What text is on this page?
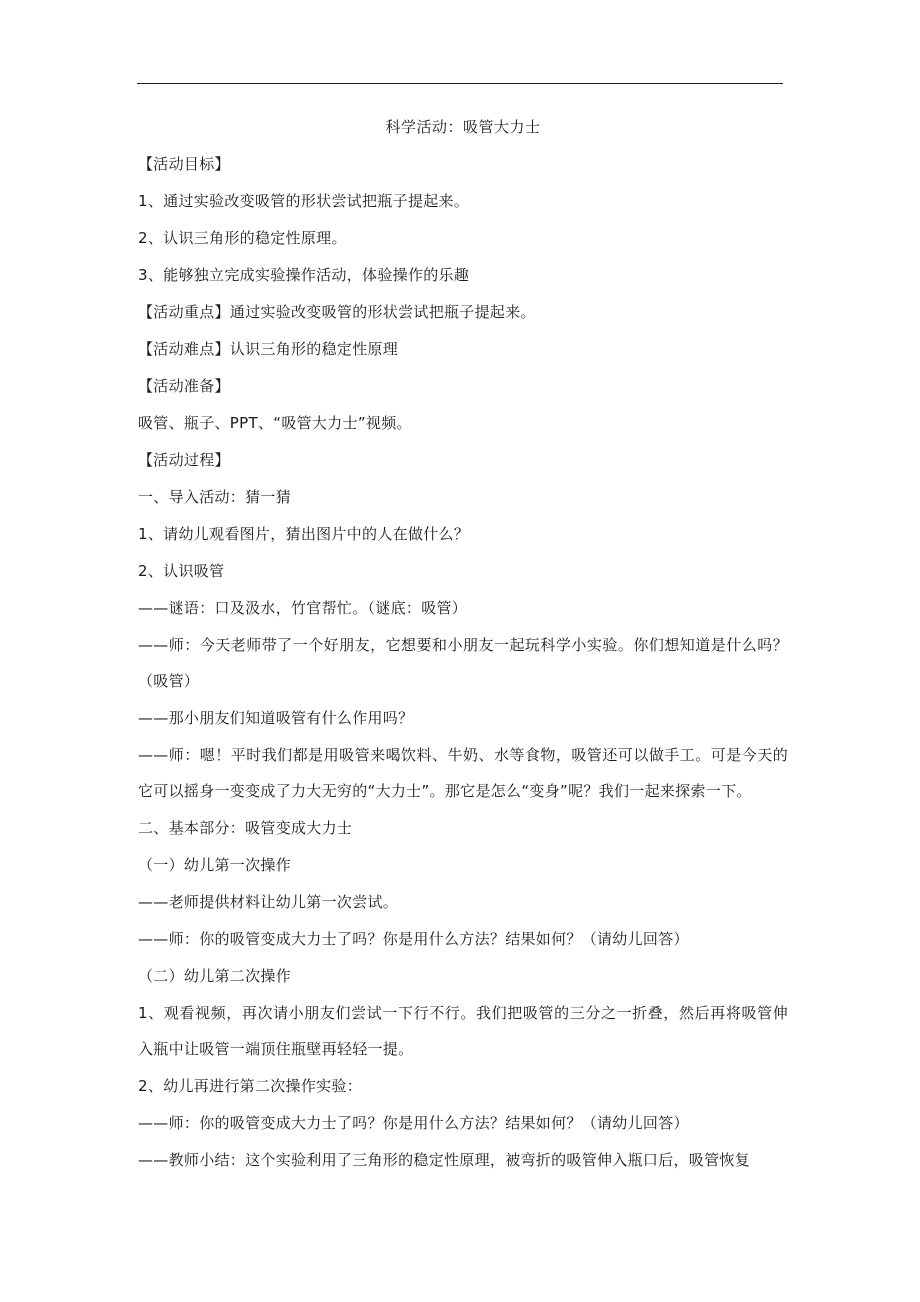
科学活动：吸管大力士
【活动目标】
1、通过实验改变吸管的形状尝试把瓶子提起来。
2、认识三角形的稳定性原理。
3、能够独立完成实验操作活动，体验操作的乐趣
【活动重点】通过实验改变吸管的形状尝试把瓶子提起来。
【活动难点】认识三角形的稳定性原理
【活动准备】
吸管、瓶子、PPT、“吸管大力士”视频。
【活动过程】
一、导入活动：猜一猜
1、请幼儿观看图片，猜出图片中的人在做什么？
2、认识吸管
——谜语：口及汲水，竹官帮忙。（谜底：吸管）
——师：今天老师带了一个好朋友，它想要和小朋友一起玩科学小实验。你们想知道是什么吗？（吸管）
——那小朋友们知道吸管有什么作用吗？
——师：嗯！平时我们都是用吸管来喝饮料、牛奶、水等食物，吸管还可以做手工。可是今天的它可以摇身一变变成了力大无穷的“大力士”。那它是怎么“变身”呢？我们一起来探索一下。
二、基本部分：吸管变成大力士
（一）幼儿第一次操作
——老师提供材料让幼儿第一次尝试。
——师：你的吸管变成大力士了吗？你是用什么方法？结果如何？（请幼儿回答）
（二）幼儿第二次操作
1、观看视频，再次请小朋友们尝试一下行不行。我们把吸管的三分之一折叠，然后再将吸管伸入瓶中让吸管一端顶住瓶壁再轻轻一提。
2、幼儿再进行第二次操作实验：
——师：你的吸管变成大力士了吗？你是用什么方法？结果如何？（请幼儿回答）
——教师小结：这个实验利用了三角形的稳定性原理，被弯折的吸管伸入瓶口后，吸管恢复
